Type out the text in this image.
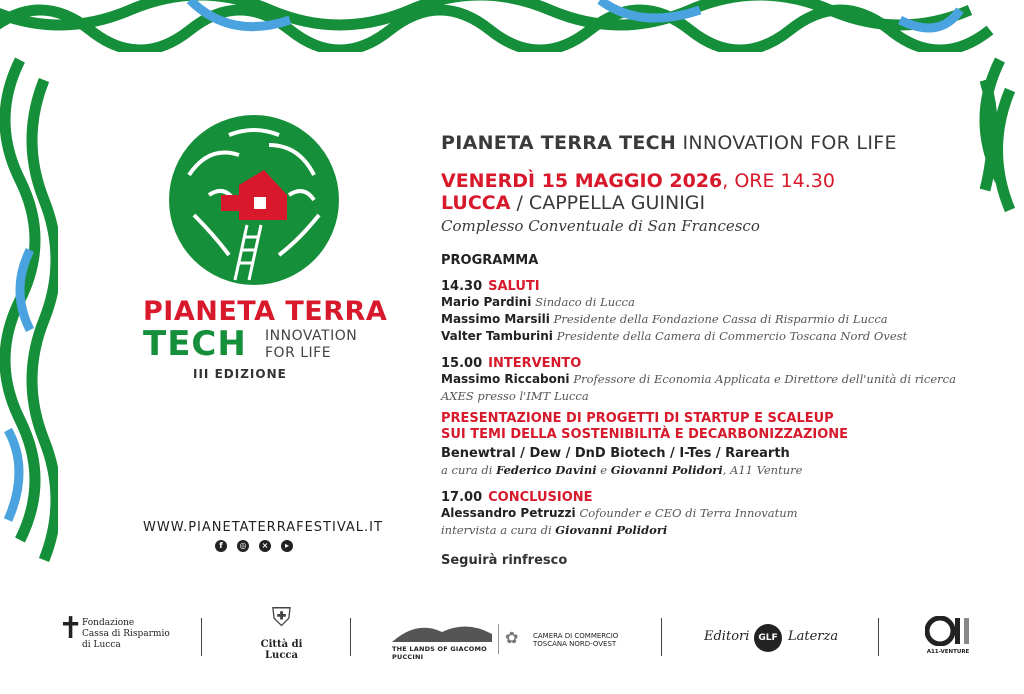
PIANETA TERRA
TECH INNOVATION
FOR LIFE
III EDIZIONE
WWW.PIANETATERRAFESTIVAL.IT
f	◎	×	▸
PIANETA TERRA TECH INNOVATION FOR LIFE
VENERDÌ 15 MAGGIO 2026, ORE 14.30
LUCCA / CAPPELLA GUINIGI
Complesso Conventuale di San Francesco
PROGRAMMA
14.30 SALUTI
Mario Pardini Sindaco di Lucca
Massimo Marsili Presidente della Fondazione Cassa di Risparmio di Lucca
Valter Tamburini Presidente della Camera di Commercio Toscana Nord Ovest
15.00 INTERVENTO
Massimo Riccaboni Professore di Economia Applicata e Direttore dell'unità di ricerca
AXES presso l'IMT Lucca
PRESENTAZIONE DI PROGETTI DI STARTUP E SCALEUP
SUI TEMI DELLA SOSTENIBILITÀ E DECARBONIZZAZIONE
Benewtral / Dew / DnD Biotech / I-Tes / Rarearth
a cura di Federico Davini e Giovanni Polidori, A11 Venture
17.00 CONCLUSIONE
Alessandro Petruzzi Cofounder e CEO di Terra Innovatum
intervista a cura di Giovanni Polidori
Seguirà rinfresco
✝
Fondazione
Cassa di Risparmio
di Lucca
⛨
Città di Lucca
THE LANDS OF GIACOMO PUCCINI
✿ CAMERA DI COMMERCIO
TOSCANA NORD-OVEST	Editori GLF Laterza
A11-VENTURE
